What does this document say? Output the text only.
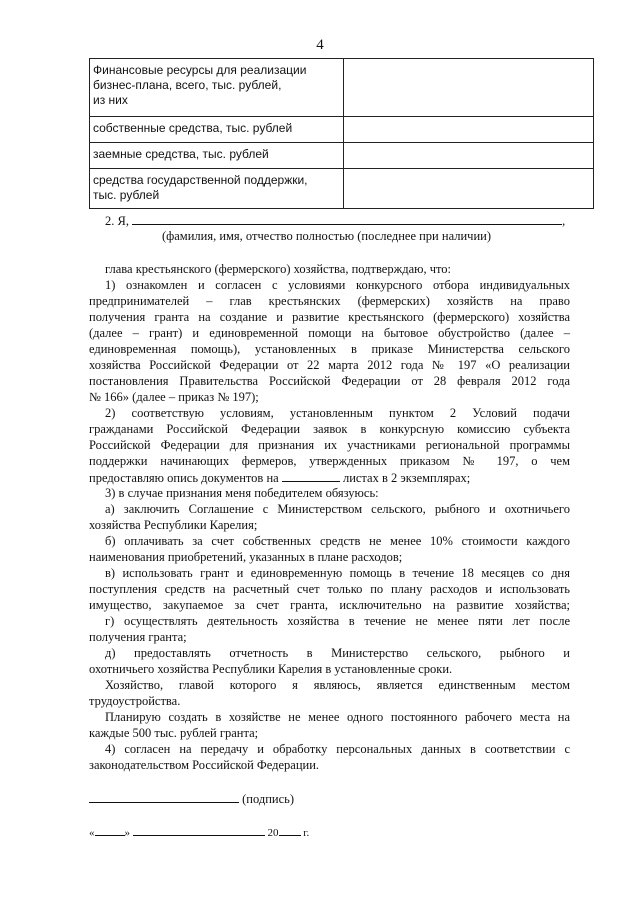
4
Финансовые ресурсы для реализации
бизнес-плана, всего, тыс. рублей,
из них	

собственные средства, тыс. рублей	
заемные средства, тыс. рублей	

средства государственной поддержки,
тыс. рублей	

2. Я,	,
(фамилия, имя, отчество полностью (последнее при наличии)
глава крестьянского (фермерского) хозяйства, подтверждаю, что:
1) ознакомлен и согласен с условиями конкурсного отбора индивидуальных
предпринимателей – глав крестьянских (фермерских) хозяйств на право
получения гранта на создание и развитие крестьянского (фермерского) хозяйства
(далее – грант) и единовременной помощи на бытовое обустройство (далее –
единовременная помощь), установленных в приказе Министерства сельского
хозяйства Российской Федерации от 22 марта 2012 года № 197 «О реализации
постановления Правительства Российской Федерации от 28 февраля 2012 года
№ 166» (далее – приказ № 197);
2) соответствую условиям, установленным пунктом 2 Условий подачи
гражданами Российской Федерации заявок в конкурсную комиссию субъекта
Российской Федерации для признания их участниками региональной программы
поддержки начинающих фермеров, утвержденных приказом № 197, о чем
предоставляю опись документов на	листах в 2 экземплярах;
3) в случае признания меня победителем обязуюсь:
а) заключить Соглашение с Министерством сельского, рыбного и охотничьего
хозяйства Республики Карелия;
б) оплачивать за счет собственных средств не менее 10% стоимости каждого
наименования приобретений, указанных в плане расходов;
в) использовать грант и единовременную помощь в течение 18 месяцев со дня
поступления средств на расчетный счет только по плану расходов и использовать
имущество, закупаемое за счет гранта, исключительно на развитие хозяйства;
г) осуществлять деятельность хозяйства в течение не менее пяти лет после
получения гранта;
д) предоставлять отчетность в Министерство сельского, рыбного и
охотничьего хозяйства Республики Карелия в установленные сроки.
Хозяйство, главой которого я являюсь, является единственным местом
трудоустройства.
Планирую создать в хозяйстве не менее одного постоянного рабочего места на
каждые 500 тыс. рублей гранта;
4) согласен на передачу и обработку персональных данных в соответствии с
законодательством Российской Федерации.
(подпись)
«	»	20 г.
